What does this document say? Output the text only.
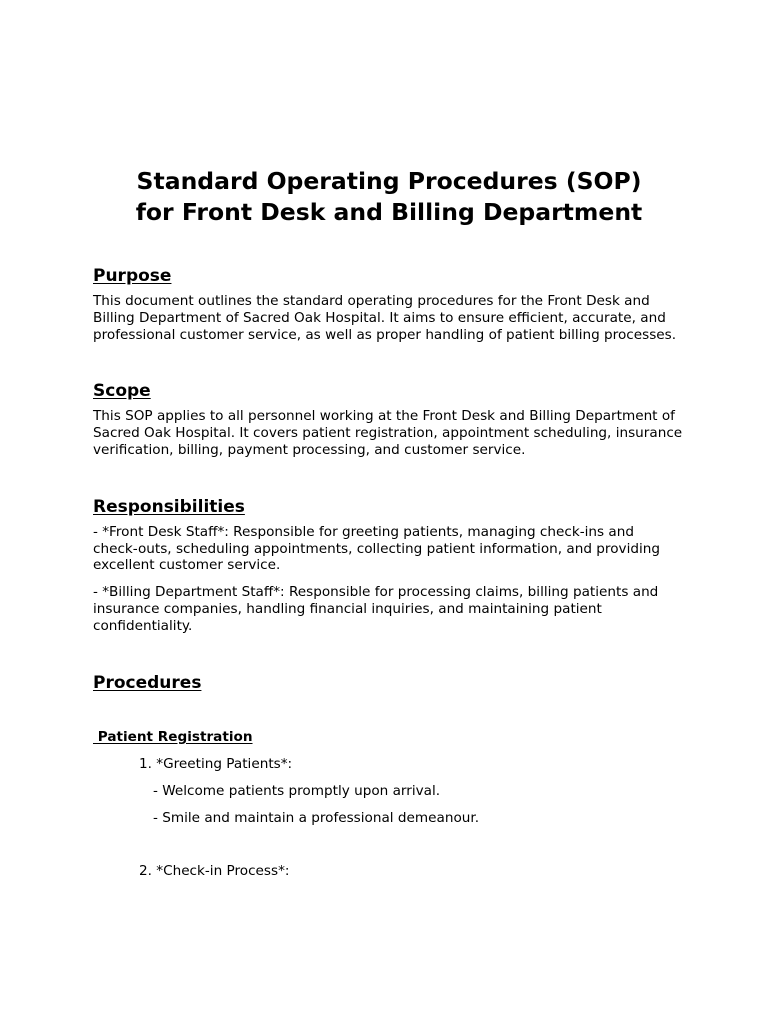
Standard Operating Procedures (SOP)
for Front Desk and Billing Department
Purpose

This document outlines the standard operating procedures for the Front Desk and Billing Department of Sacred Oak Hospital. It aims to ensure efficient, accurate, and professional customer service, as well as proper handling of patient billing processes.

Scope

This SOP applies to all personnel working at the Front Desk and Billing Department of Sacred Oak Hospital. It covers patient registration, appointment scheduling, insurance verification, billing, payment processing, and customer service.

Responsibilities

- *Front Desk Staff*: Responsible for greeting patients, managing check-ins and check-outs, scheduling appointments, collecting patient information, and providing excellent customer service.

- *Billing Department Staff*: Responsible for processing claims, billing patients and insurance companies, handling financial inquiries, and maintaining patient confidentiality.

Procedures
Patient Registration
1. *Greeting Patients*:
- Welcome patients promptly upon arrival.
- Smile and maintain a professional demeanour.
2. *Check-in Process*:
